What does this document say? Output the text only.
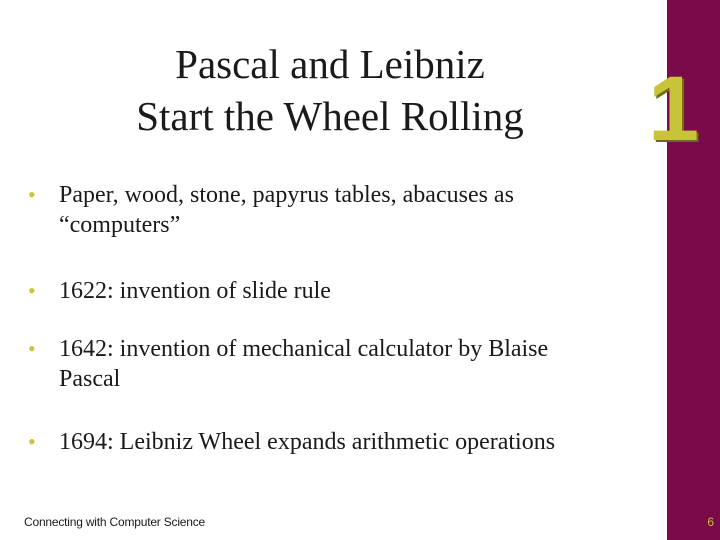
1
Pascal and Leibniz
Start the Wheel Rolling
• Paper, wood, stone, papyrus tables, abacuses as
“computers”
• 1622: invention of slide rule
• 1642: invention of mechanical calculator by Blaise
Pascal
• 1694: Leibniz Wheel expands arithmetic operations
Connecting with Computer Science	6
